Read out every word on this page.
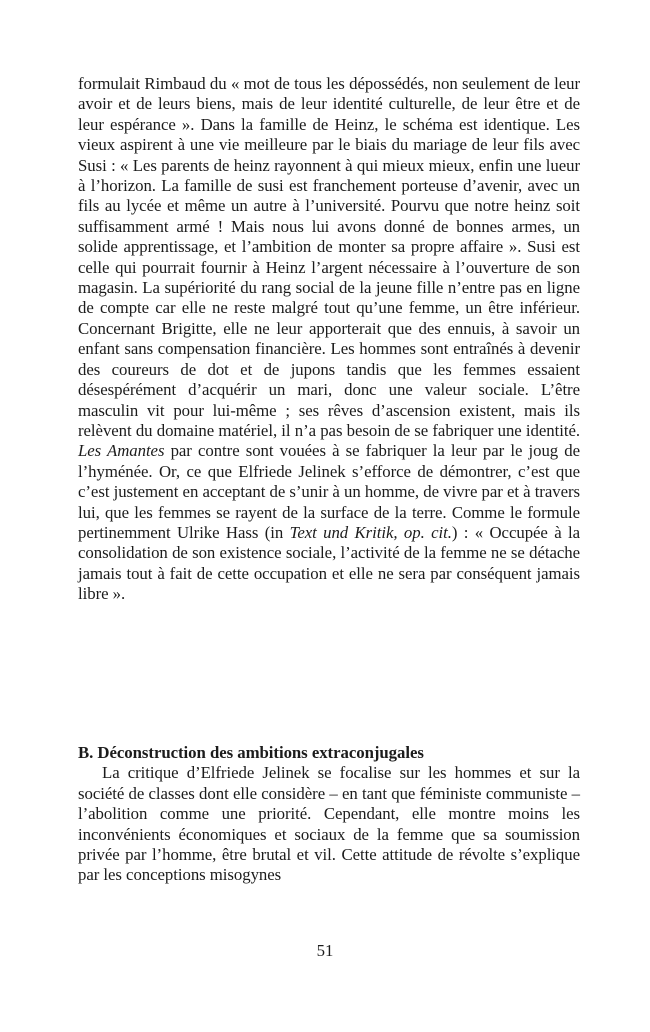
formulait Rimbaud du « mot de tous les dépossédés, non seulement de leur avoir et de leurs biens, mais de leur identité culturelle, de leur être et de leur espérance ». Dans la famille de Heinz, le schéma est identique. Les vieux aspirent à une vie meilleure par le biais du mariage de leur fils avec Susi : « Les parents de heinz rayonnent à qui mieux mieux, enfin une lueur à l’horizon. La famille de susi est franchement porteuse d’avenir, avec un fils au lycée et même un autre à l’université. Pourvu que notre heinz soit suffisamment armé ! Mais nous lui avons donné de bonnes armes, un solide apprentissage, et l’ambition de monter sa propre affaire ». Susi est celle qui pourrait fournir à Heinz l’argent nécessaire à l’ouverture de son magasin. La supériorité du rang social de la jeune fille n’entre pas en ligne de compte car elle ne reste malgré tout qu’une femme, un être inférieur. Concernant Brigitte, elle ne leur apporterait que des ennuis, à savoir un enfant sans compensation financière. Les hommes sont entraînés à devenir des coureurs de dot et de jupons tandis que les femmes essaient désespérément d’acquérir un mari, donc une valeur sociale. L’être masculin vit pour lui-même ; ses rêves d’ascension existent, mais ils relèvent du domaine matériel, il n’a pas besoin de se fabriquer une identité. Les Amantes par contre sont vouées à se fabriquer la leur par le joug de l’hyménée. Or, ce que Elfriede Jelinek s’efforce de démontrer, c’est que c’est justement en acceptant de s’unir à un homme, de vivre par et à travers lui, que les femmes se rayent de la surface de la terre. Comme le formule pertinemment Ulrike Hass (in Text und Kritik, op. cit.) : « Occupée à la consolidation de son existence sociale, l’activité de la femme ne se détache jamais tout à fait de cette occupation et elle ne sera par conséquent jamais libre ».

B. Déconstruction des ambitions extraconjugales

La critique d’Elfriede Jelinek se focalise sur les hommes et sur la société de classes dont elle considère – en tant que féministe communiste – l’abolition comme une priorité. Cependant, elle montre moins les inconvénients économiques et sociaux de la femme que sa soumission privée par l’homme, être brutal et vil. Cette attitude de révolte s’explique par les conceptions misogynes

51
